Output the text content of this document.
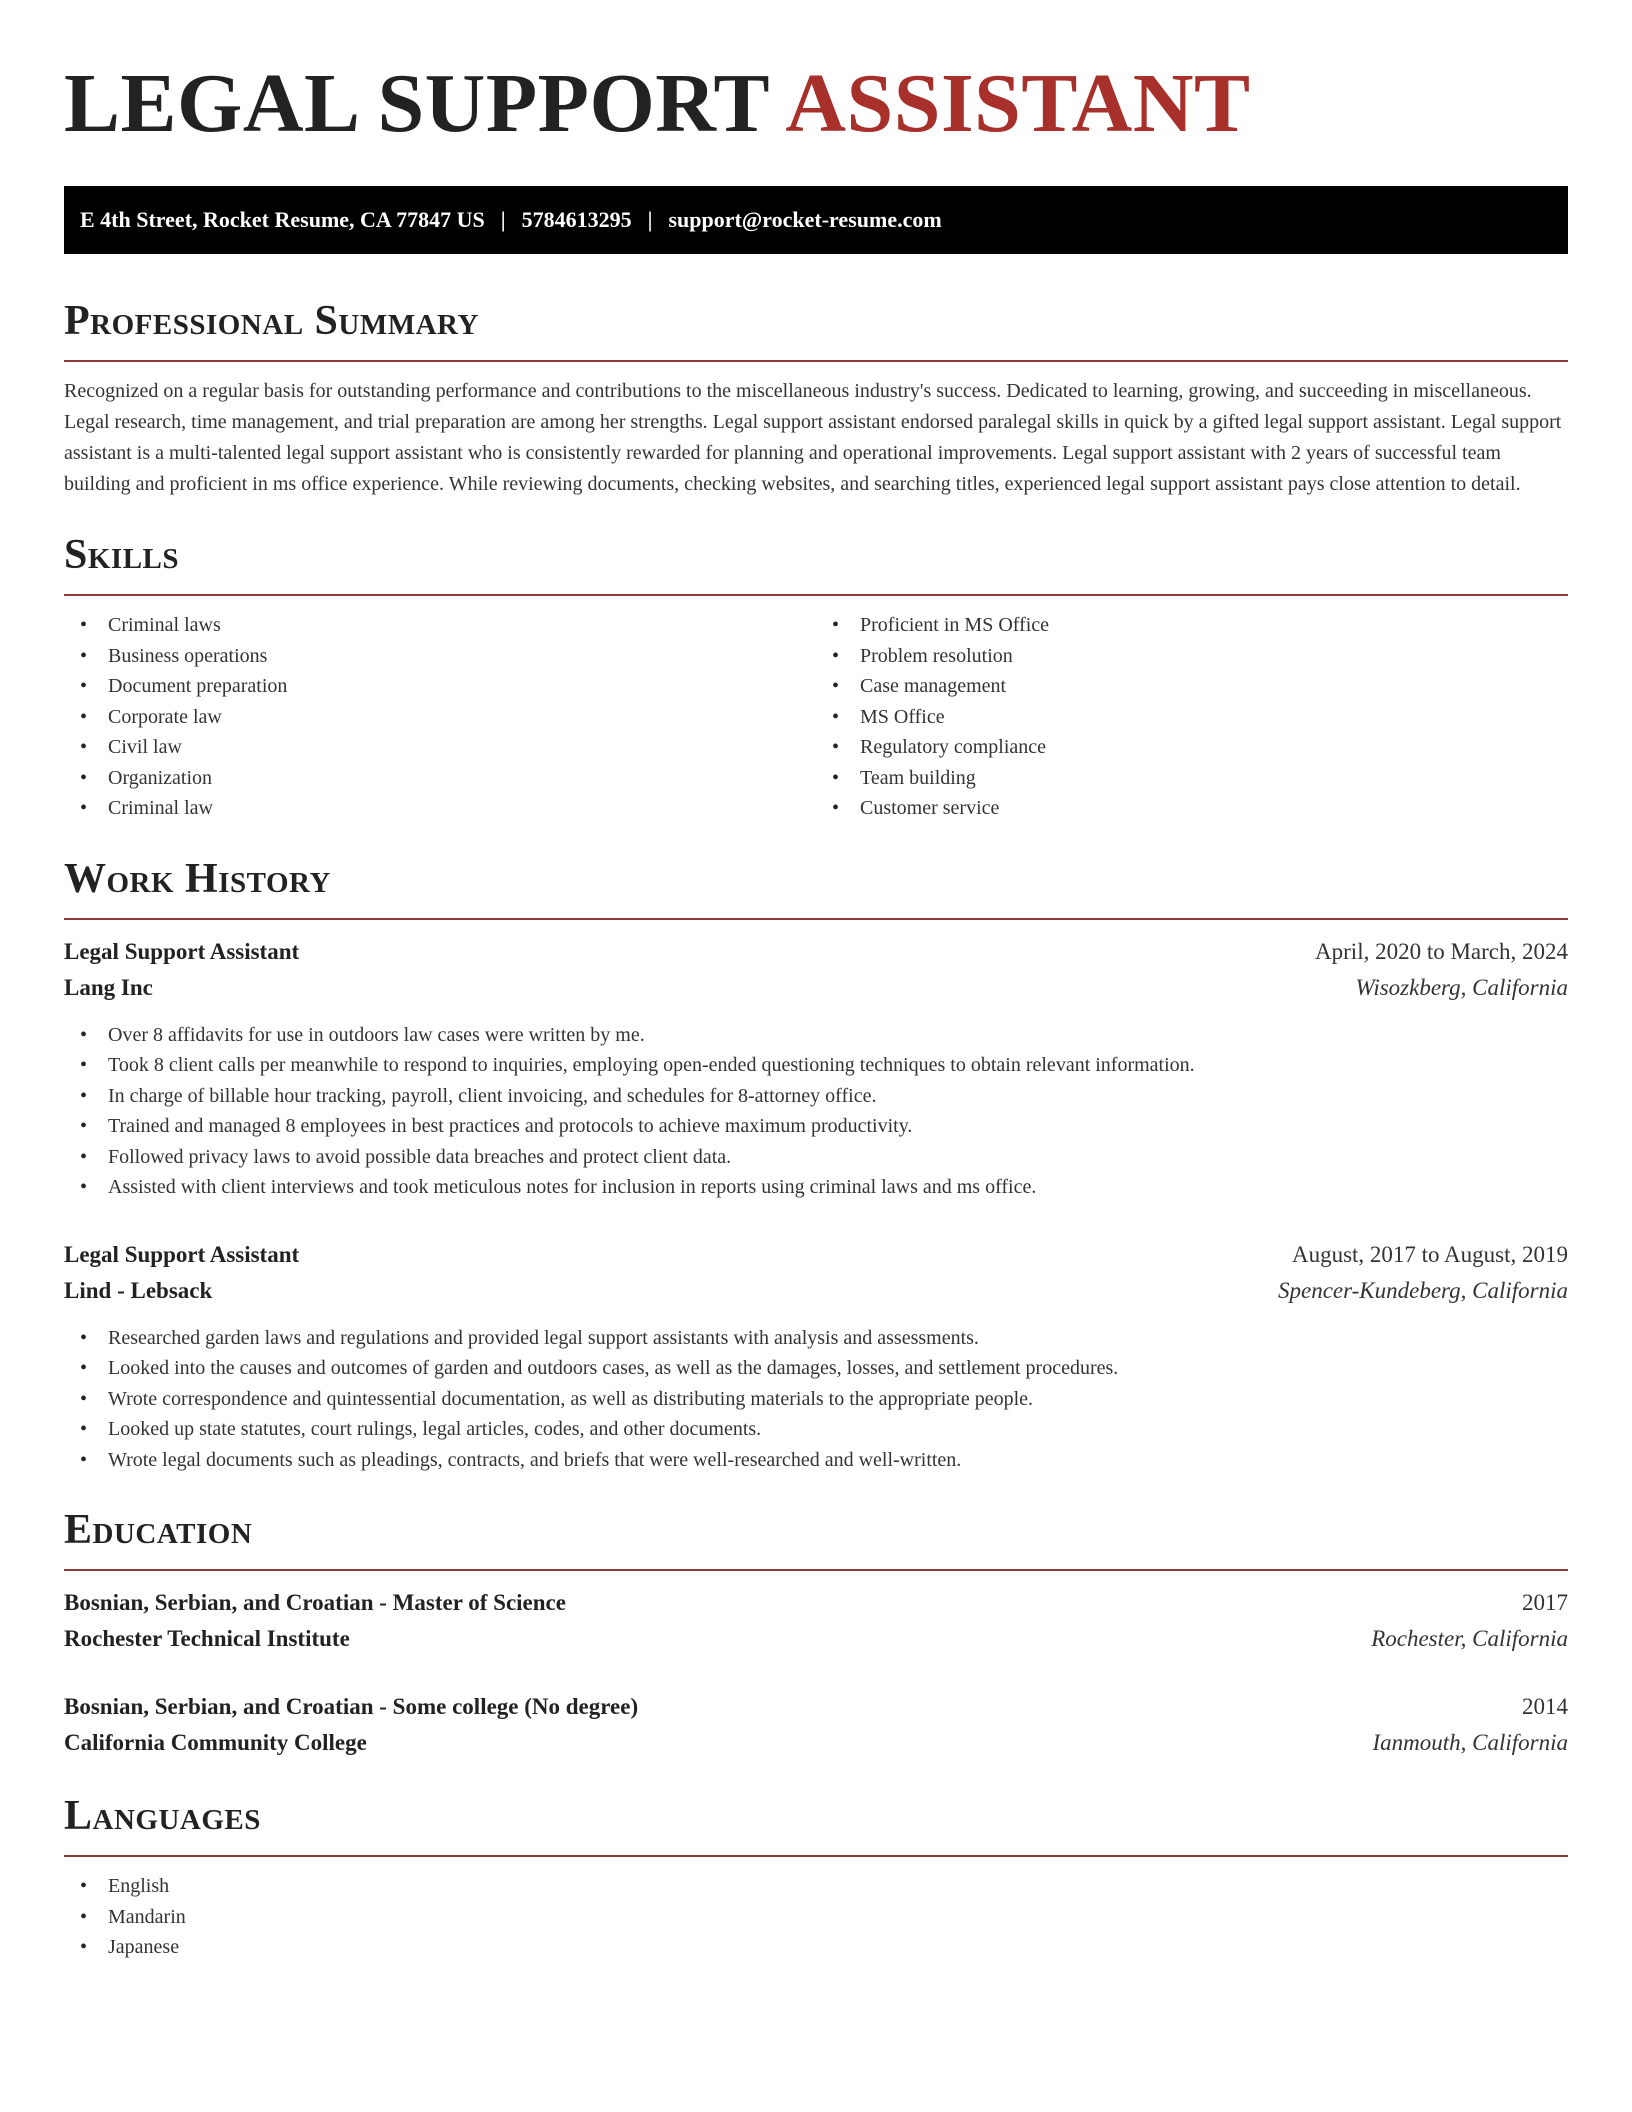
LEGAL SUPPORT ASSISTANT
E 4th Street, Rocket Resume, CA 77847 US | 5784613295 | support@rocket-resume.com
Professional Summary

Recognized on a regular basis for outstanding performance and contributions to the miscellaneous industry's success. Dedicated to learning, growing, and succeeding in miscellaneous. Legal research, time management, and trial preparation are among her strengths. Legal support assistant endorsed paralegal skills in quick by a gifted legal support assistant. Legal support assistant is a multi-talented legal support assistant who is consistently rewarded for planning and operational improvements. Legal support assistant with 2 years of successful team building and proficient in ms office experience. While reviewing documents, checking websites, and searching titles, experienced legal support assistant pays close attention to detail.

Skills
• Criminal laws
• Business operations
• Document preparation
• Corporate law
• Civil law
• Organization
• Criminal law
• Proficient in MS Office
• Problem resolution
• Case management
• MS Office
• Regulatory compliance
• Team building
• Customer service
Work History
Legal Support Assistant	April, 2020 to March, 2024
Lang Inc	Wisozkberg, California
• Over 8 affidavits for use in outdoors law cases were written by me.
• Took 8 client calls per meanwhile to respond to inquiries, employing open-ended questioning techniques to obtain relevant information.
• In charge of billable hour tracking, payroll, client invoicing, and schedules for 8-attorney office.
• Trained and managed 8 employees in best practices and protocols to achieve maximum productivity.
• Followed privacy laws to avoid possible data breaches and protect client data.
• Assisted with client interviews and took meticulous notes for inclusion in reports using criminal laws and ms office.
Legal Support Assistant	August, 2017 to August, 2019
Lind - Lebsack	Spencer-Kundeberg, California
• Researched garden laws and regulations and provided legal support assistants with analysis and assessments.
• Looked into the causes and outcomes of garden and outdoors cases, as well as the damages, losses, and settlement procedures.
• Wrote correspondence and quintessential documentation, as well as distributing materials to the appropriate people.
• Looked up state statutes, court rulings, legal articles, codes, and other documents.
• Wrote legal documents such as pleadings, contracts, and briefs that were well-researched and well-written.
Education
Bosnian, Serbian, and Croatian - Master of Science	2017
Rochester Technical Institute	Rochester, California
Bosnian, Serbian, and Croatian - Some college (No degree)	2014
California Community College	Ianmouth, California
Languages
• English
• Mandarin
• Japanese
